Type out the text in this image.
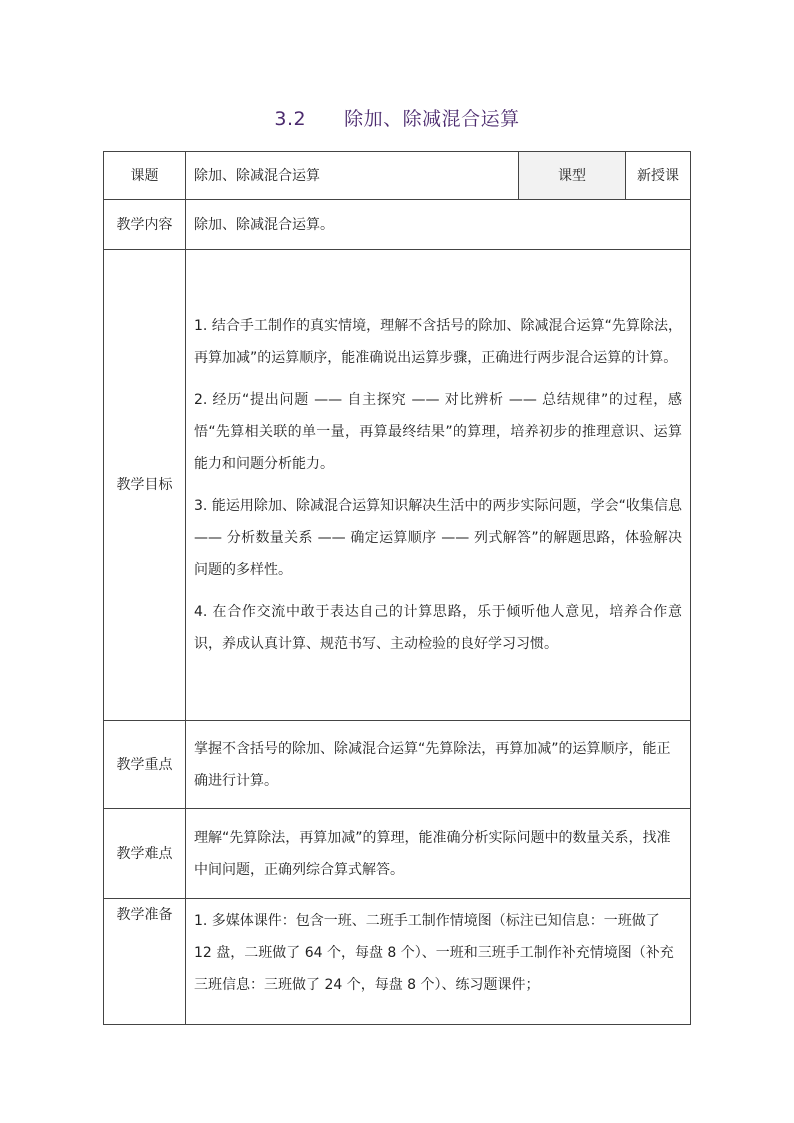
3.2 除加、除减混合运算
课题	除加、除减混合运算	课型	新授课
教学内容	除加、除减混合运算。		
教学目标	1. 结合手工制作的真实情境，理解不含括号的除加、除减混合运算“先算除法，再算加减”的运算顺序，能准确说出运算步骤，正确进行两步混合运算的计算。

2. 经历“提出问题 —— 自主探究 —— 对比辨析 —— 总结规律”的过程，感悟“先算相关联的单一量，再算最终结果”的算理，培养初步的推理意识、运算能力和问题分析能力。

3. 能运用除加、除减混合运算知识解决生活中的两步实际问题，学会“收集信息 —— 分析数量关系 —— 确定运算顺序 —— 列式解答”的解题思路，体验解决问题的多样性。

4. 在合作交流中敢于表达自己的计算思路，乐于倾听他人意见，培养合作意识，养成认真计算、规范书写、主动检验的良好学习习惯。		

教学重点	掌握不含括号的除加、除减混合运算“先算除法，再算加减”的运算顺序，能正确进行计算。		
教学难点	理解“先算除法，再算加减”的算理，能准确分析实际问题中的数量关系，找准中间问题，正确列综合算式解答。		
教学准备	1. 多媒体课件：包含一班、二班手工制作情境图（标注已知信息：一班做了 12 盘，二班做了 64 个，每盘 8 个）、一班和三班手工制作补充情境图（补充三班信息：三班做了 24 个，每盘 8 个）、练习题课件；		
